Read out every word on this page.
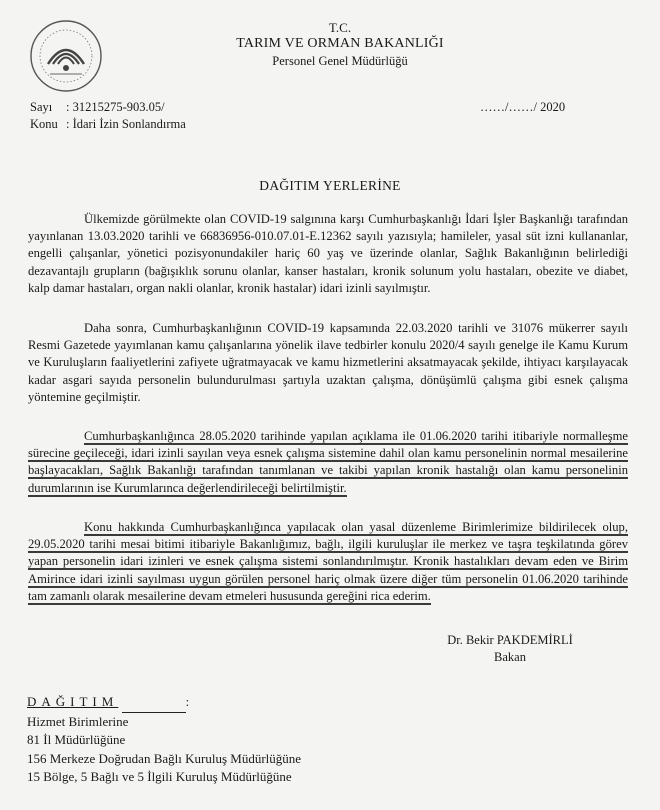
T.C.
TARIM VE ORMAN BAKANLIĞI
Personel Genel Müdürlüğü
Sayı : 31215275-903.05/
Konu : İdari İzin Sonlandırma
……/……/ 2020
DAĞITIM YERLERİNE
Ülkemizde görülmekte olan COVID-19 salgınına karşı Cumhurbaşkanlığı İdari İşler Başkanlığı tarafından yayınlanan 13.03.2020 tarihli ve 66836956-010.07.01-E.12362 sayılı yazısıyla; hamileler, yasal süt izni kullananlar, engelli çalışanlar, yönetici pozisyonundakiler hariç 60 yaş ve üzerinde olanlar, Sağlık Bakanlığının belirlediği dezavantajlı grupların (bağışıklık sorunu olanlar, kanser hastaları, kronik solunum yolu hastaları, obezite ve diabet, kalp damar hastaları, organ nakli olanlar, kronik hastalar) idari izinli sayılmıştır.
Daha sonra, Cumhurbaşkanlığının COVID-19 kapsamında 22.03.2020 tarihli ve 31076 mükerrer sayılı Resmi Gazetede yayımlanan kamu çalışanlarına yönelik ilave tedbirler konulu 2020/4 sayılı genelge ile Kamu Kurum ve Kuruluşların faaliyetlerini zafiyete uğratmayacak ve kamu hizmetlerini aksatmayacak şekilde, ihtiyacı karşılayacak kadar asgari sayıda personelin bulundurulması şartıyla uzaktan çalışma, dönüşümlü çalışma gibi esnek çalışma yöntemine geçilmiştir.
Cumhurbaşkanlığınca 28.05.2020 tarihinde yapılan açıklama ile 01.06.2020 tarihi itibariyle normalleşme sürecine geçileceği, idari izinli sayılan veya esnek çalışma sistemine dahil olan kamu personelinin normal mesailerine başlayacakları, Sağlık Bakanlığı tarafından tanımlanan ve takibi yapılan kronik hastalığı olan kamu personelinin durumlarının ise Kurumlarınca değerlendirileceği belirtilmiştir.
Konu hakkında Cumhurbaşkanlığınca yapılacak olan yasal düzenleme Birimlerimize bildirilecek olup, 29.05.2020 tarihi mesai bitimi itibariyle Bakanlığımız, bağlı, ilgili kuruluşlar ile merkez ve taşra teşkilatında görev yapan personelin idari izinleri ve esnek çalışma sistemi sonlandırılmıştır. Kronik hastalıkları devam eden ve Birim Amirince idari izinli sayılması uygun görülen personel hariç olmak üzere diğer tüm personelin 01.06.2020 tarihinde tam zamanlı olarak mesailerine devam etmeleri hususunda gereğini rica ederim.
Dr. Bekir PAKDEMİRLİ
Bakan
DAĞITIM	:
Hizmet Birimlerine
81 İl Müdürlüğüne
156 Merkeze Doğrudan Bağlı Kuruluş Müdürlüğüne
15 Bölge, 5 Bağlı ve 5 İlgili Kuruluş Müdürlüğüne
